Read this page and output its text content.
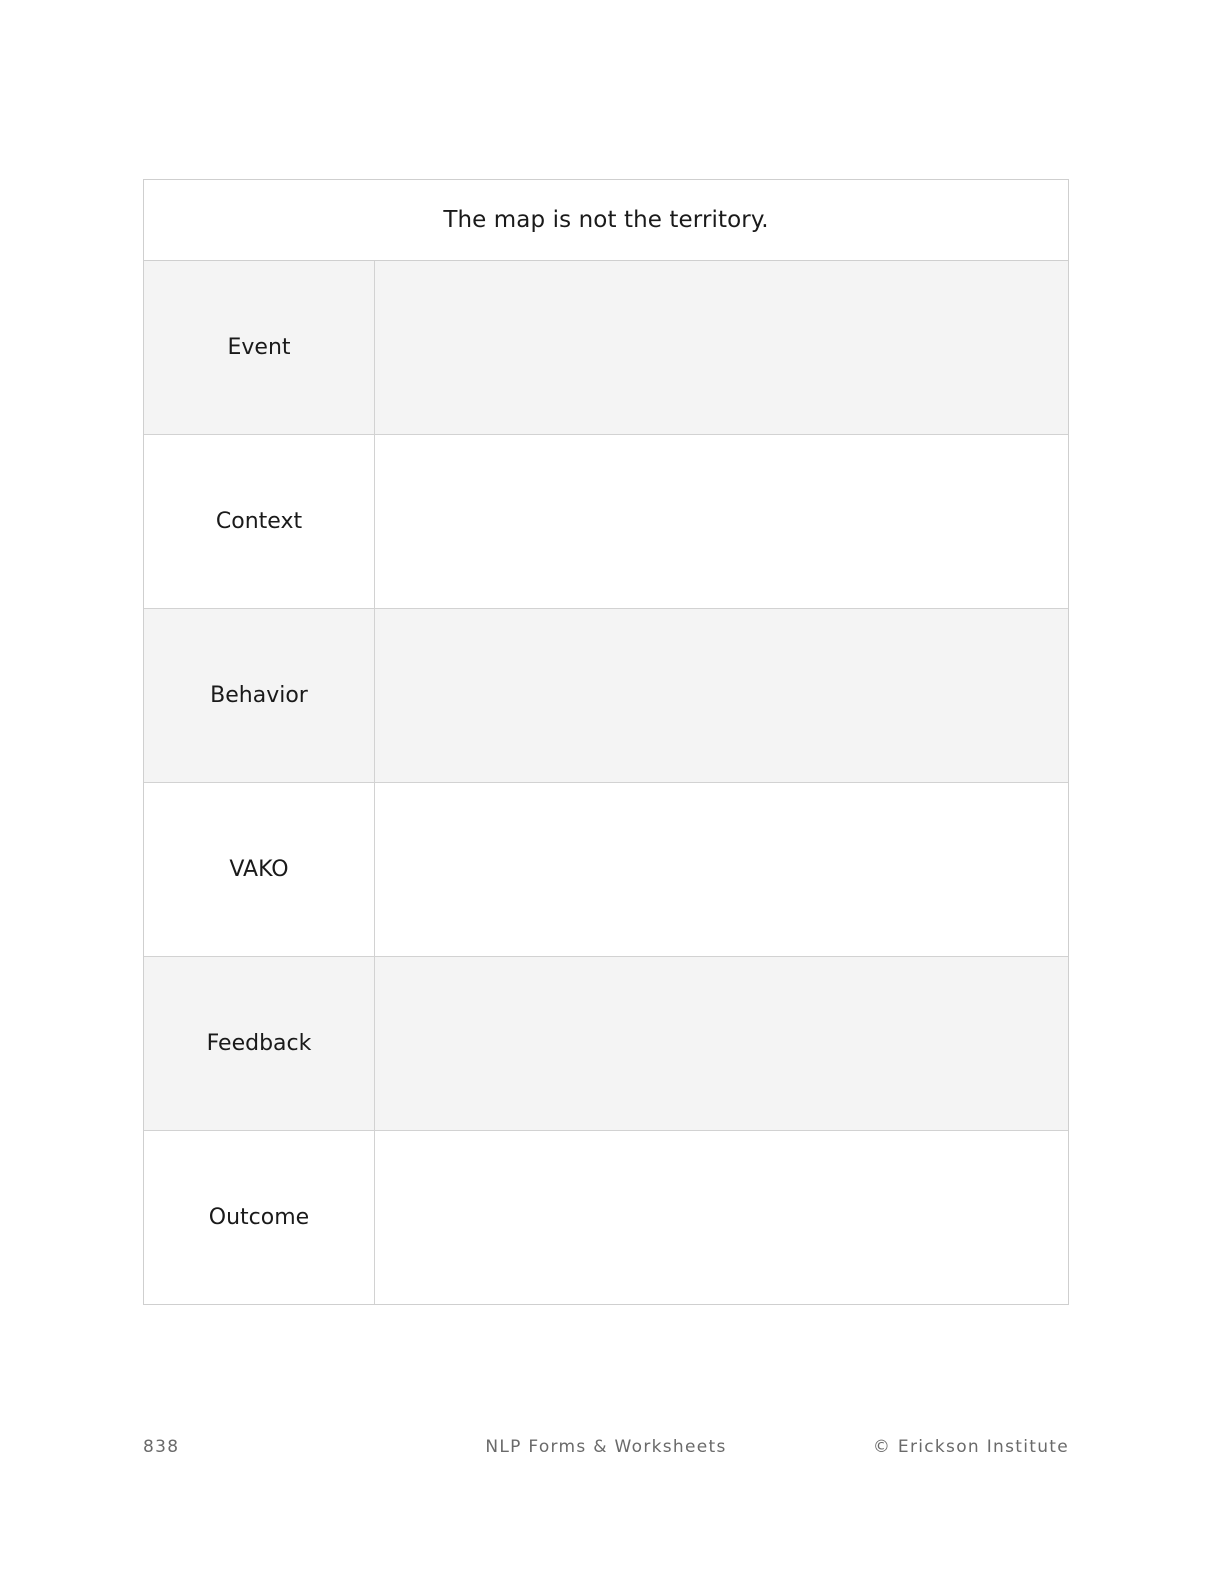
The map is not the territory.
Event
Context
Behavior
VAKO
Feedback
Outcome
838	NLP Forms & Worksheets	© Erickson Institute
